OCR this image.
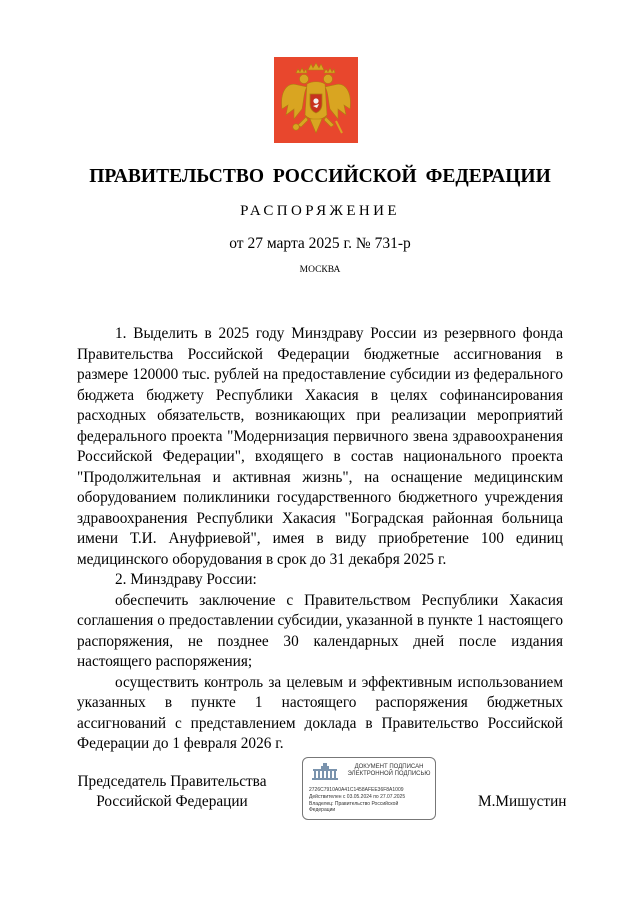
ПРАВИТЕЛЬСТВО РОССИЙСКОЙ ФЕДЕРАЦИИ
РАСПОРЯЖЕНИЕ
от 27 марта 2025 г. № 731-р
МОСКВА

1. Выделить в 2025 году Минздраву России из резервного фонда Правительства Российской Федерации бюджетные ассигнования в размере 120000 тыс. рублей на предоставление субсидии из федерального бюджета бюджету Республики Хакасия в целях софинансирования расходных обязательств, возникающих при реализации мероприятий федерального проекта "Модернизация первичного звена здравоохранения Российской Федерации", входящего в состав национального проекта "Продолжительная и активная жизнь", на оснащение медицинским оборудованием поликлиники государственного бюджетного учреждения здравоохранения Республики Хакасия "Боградская районная больница имени Т.И. Ануфриевой", имея в виду приобретение 100 единиц медицинского оборудования в срок до 31 декабря 2025 г.

2. Минздраву России:

обеспечить заключение с Правительством Республики Хакасия соглашения о предоставлении субсидии, указанной в пункте 1 настоящего распоряжения, не позднее 30 календарных дней после издания настоящего распоряжения;

осуществить контроль за целевым и эффективным использованием указанных в пункте 1 настоящего распоряжения бюджетных ассигнований с представлением доклада в Правительство Российской Федерации до 1 февраля 2026 г.

Председатель Правительства
Российской Федерации
ДОКУМЕНТ ПОДПИСАН
ЭЛЕКТРОННОЙ ПОДПИСЬЮ
2726C7910A0A41C1458AFEE36F8A1009
Действителен с 03.05.2024 по 27.07.2025
Владелец: Правительство Российской
Федерации	М.Мишустин
